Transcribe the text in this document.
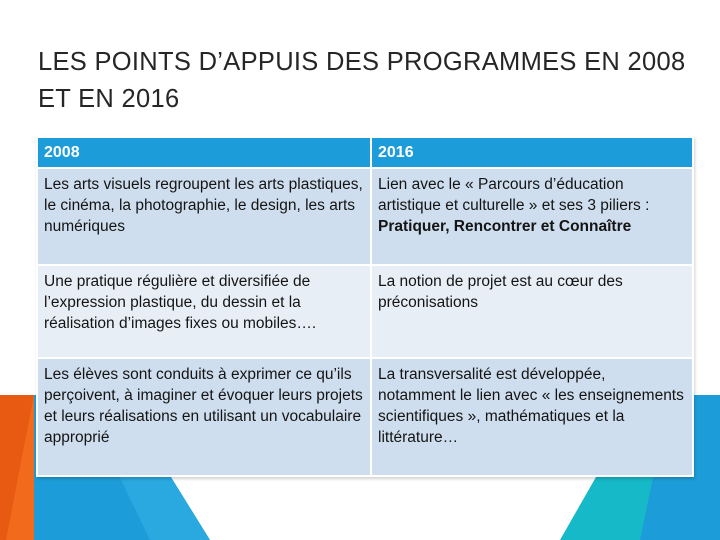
LES POINTS D’APPUIS DES PROGRAMMES EN 2008 ET EN 2016
2008	2016
Les arts visuels regroupent les arts plastiques, le cinéma, la photographie, le design, les arts numériques	Lien avec le « Parcours d’éducation artistique et culturelle » et ses 3 piliers : Pratiquer, Rencontrer et Connaître
Une pratique régulière et diversifiée de l’expression plastique, du dessin et la réalisation d’images fixes ou mobiles….	La notion de projet est au cœur des préconisations
Les élèves sont conduits à exprimer ce qu’ils perçoivent, à imaginer et évoquer leurs projets et leurs réalisations en utilisant un vocabulaire approprié	La transversalité est développée, notamment le lien avec « les enseignements scientifiques », mathématiques et la littérature…
